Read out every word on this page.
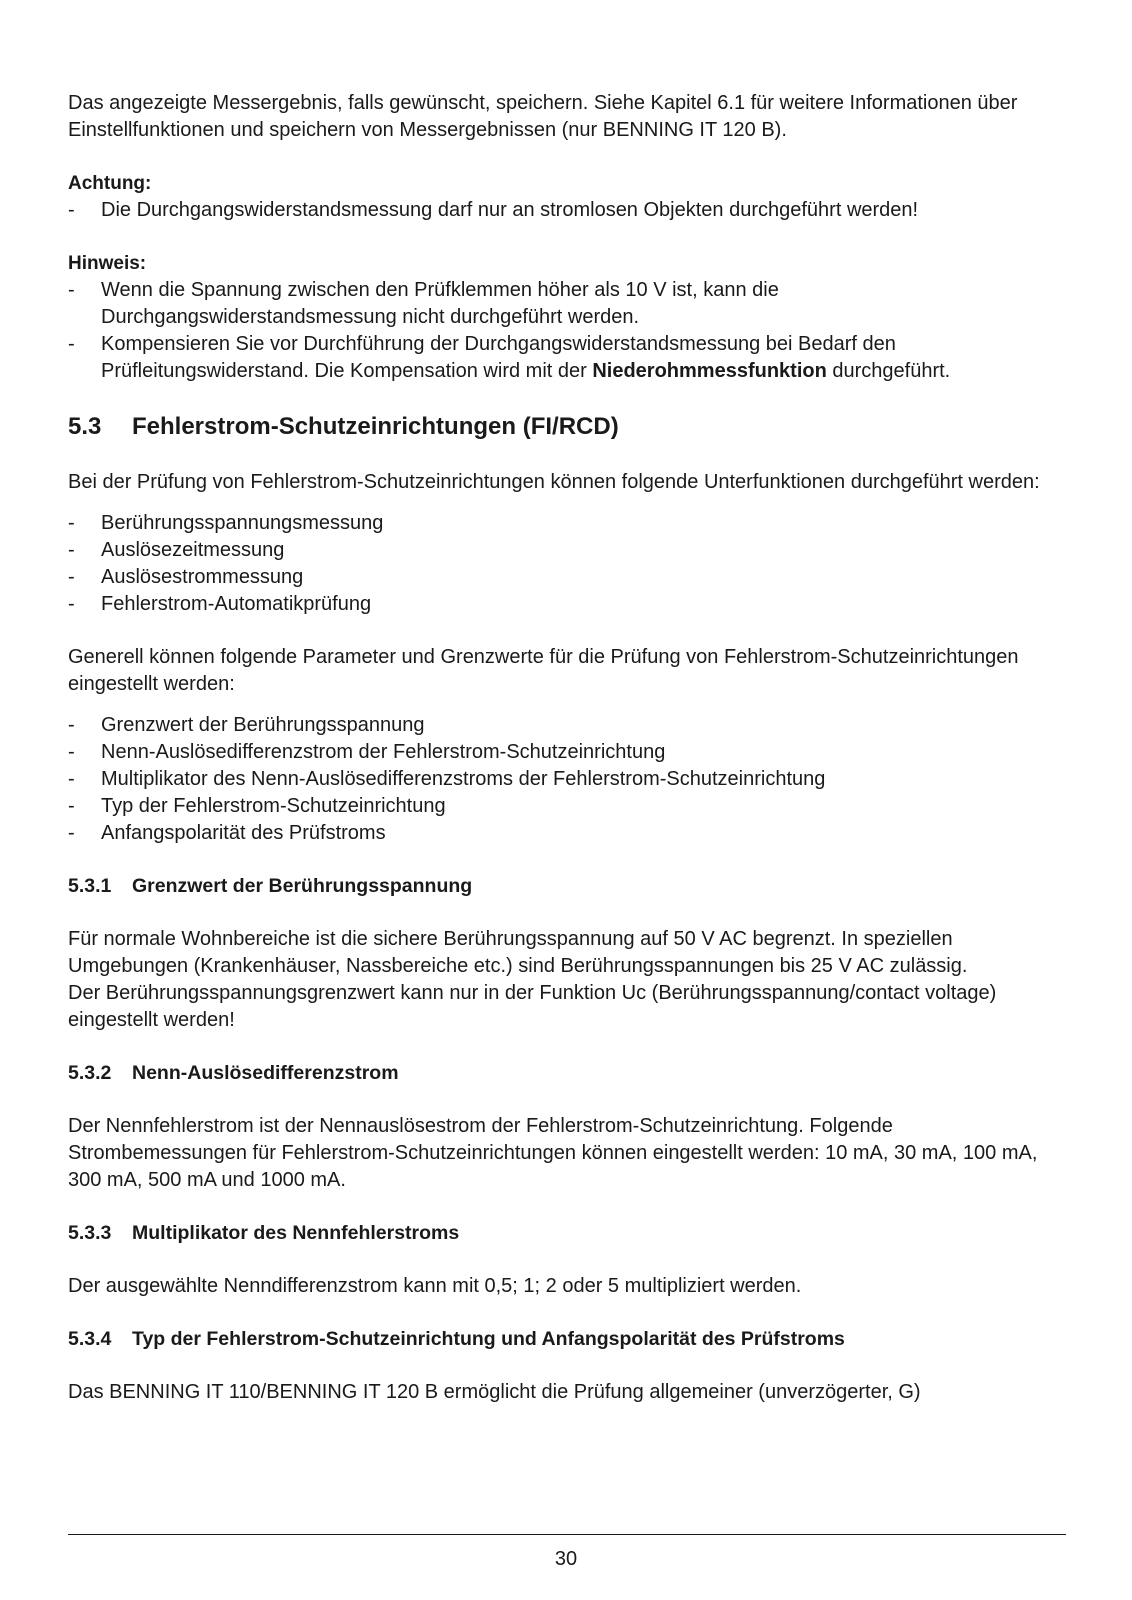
Das angezeigte Messergebnis, falls gewünscht, speichern. Siehe Kapitel 6.1 für weitere Informationen über Einstellfunktionen und speichern von Messergebnissen (nur BENNING IT 120 B).

Achtung:

- Die Durchgangswiderstandsmessung darf nur an stromlosen Objekten durchgeführt werden!

Hinweis:

- Wenn die Spannung zwischen den Prüfklemmen höher als 10 V ist, kann die Durchgangswiderstandsmessung nicht durchgeführt werden.
- Kompensieren Sie vor Durchführung der Durchgangswiderstandsmessung bei Bedarf den Prüfleitungswiderstand. Die Kompensation wird mit der Niederohmmessfunktion durchgeführt.
5.3 Fehlerstrom-Schutzeinrichtungen (FI/RCD)

Bei der Prüfung von Fehlerstrom-Schutzeinrichtungen können folgende Unterfunktionen durchgeführt werden:

- Berührungsspannungsmessung
- Auslösezeitmessung
- Auslösestrommessung
- Fehlerstrom-Automatikprüfung

Generell können folgende Parameter und Grenzwerte für die Prüfung von Fehlerstrom-Schutzeinrichtungen eingestellt werden:

- Grenzwert der Berührungsspannung
- Nenn-Auslösedifferenzstrom der Fehlerstrom-Schutzeinrichtung
- Multiplikator des Nenn-Auslösedifferenzstroms der Fehlerstrom-Schutzeinrichtung
- Typ der Fehlerstrom-Schutzeinrichtung
- Anfangspolarität des Prüfstroms
5.3.1 Grenzwert der Berührungsspannung

Für normale Wohnbereiche ist die sichere Berührungsspannung auf 50 V AC begrenzt. In speziellen Umgebungen (Krankenhäuser, Nassbereiche etc.) sind Berührungsspannungen bis 25 V AC zulässig.

Der Berührungsspannungsgrenzwert kann nur in der Funktion Uc (Berührungsspannung/contact voltage) eingestellt werden!

5.3.2 Nenn-Auslösedifferenzstrom

Der Nennfehlerstrom ist der Nennauslösestrom der Fehlerstrom-Schutzeinrichtung. Folgende Strombemessungen für Fehlerstrom-Schutzeinrichtungen können eingestellt werden: 10 mA, 30 mA, 100 mA, 300 mA, 500 mA und 1000 mA.

5.3.3 Multiplikator des Nennfehlerstroms

Der ausgewählte Nenndifferenzstrom kann mit 0,5; 1; 2 oder 5 multipliziert werden.

5.3.4 Typ der Fehlerstrom-Schutzeinrichtung und Anfangspolarität des Prüfstroms

Das BENNING IT 110/BENNING IT 120 B ermöglicht die Prüfung allgemeiner (unverzögerter, G)

30
